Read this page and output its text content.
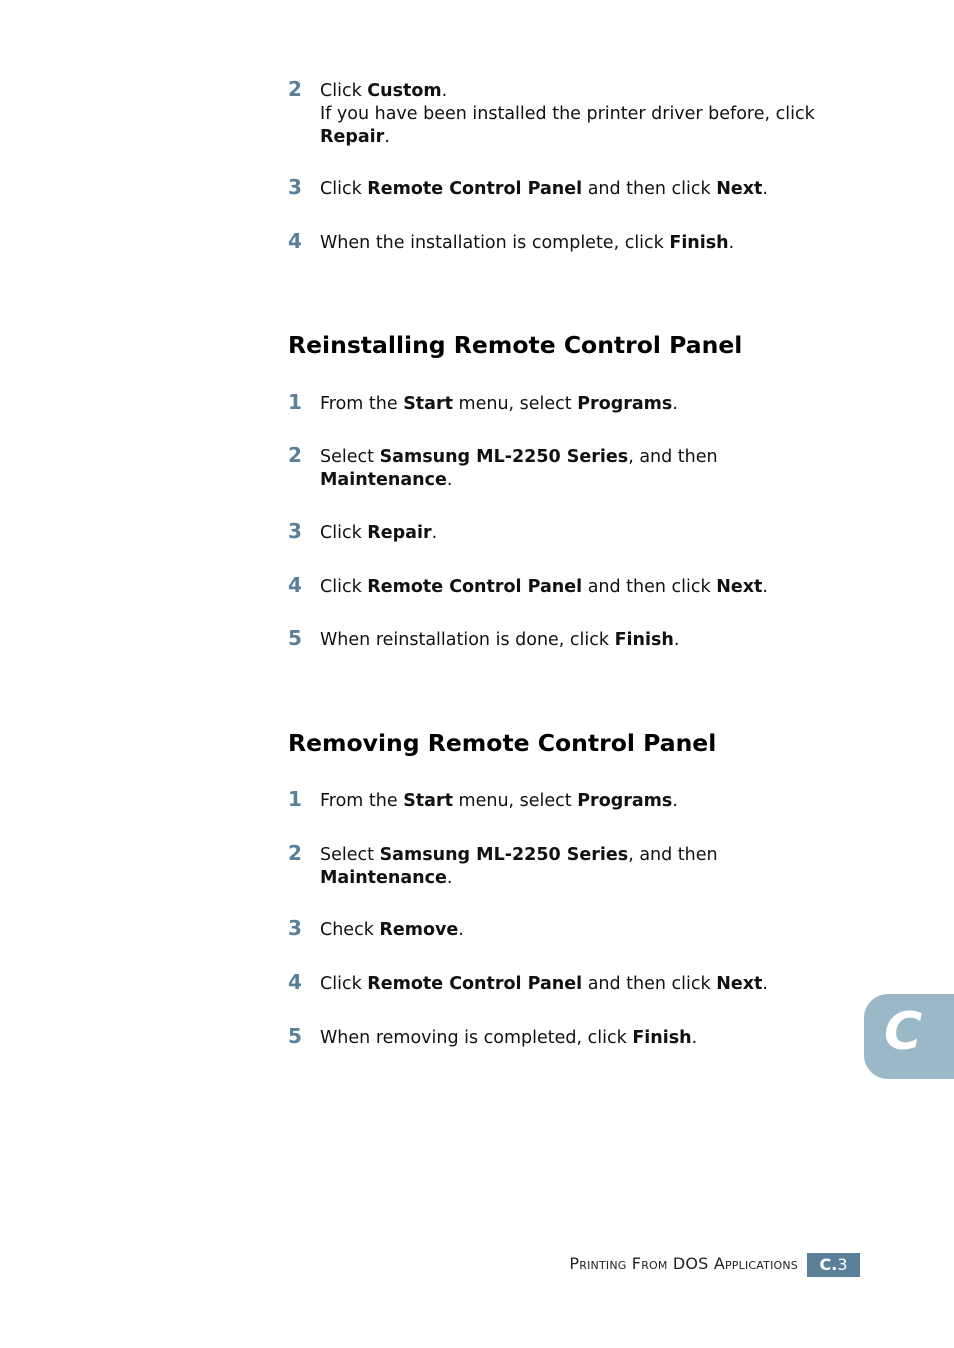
2 Click Custom.
If you have been installed the printer driver before, click Repair.
3 Click Remote Control Panel and then click Next.
4 When the installation is complete, click Finish.
Reinstalling Remote Control Panel
1 From the Start menu, select Programs.
2 Select Samsung ML-2250 Series, and then
Maintenance.
3 Click Repair.
4 Click Remote Control Panel and then click Next.
5 When reinstallation is done, click Finish.
Removing Remote Control Panel
1 From the Start menu, select Programs.
2 Select Samsung ML-2250 Series, and then
Maintenance.
3 Check Remove.
4 Click Remote Control Panel and then click Next.
5 When removing is completed, click Finish.	C
Printing From DOS Applications	C.3
